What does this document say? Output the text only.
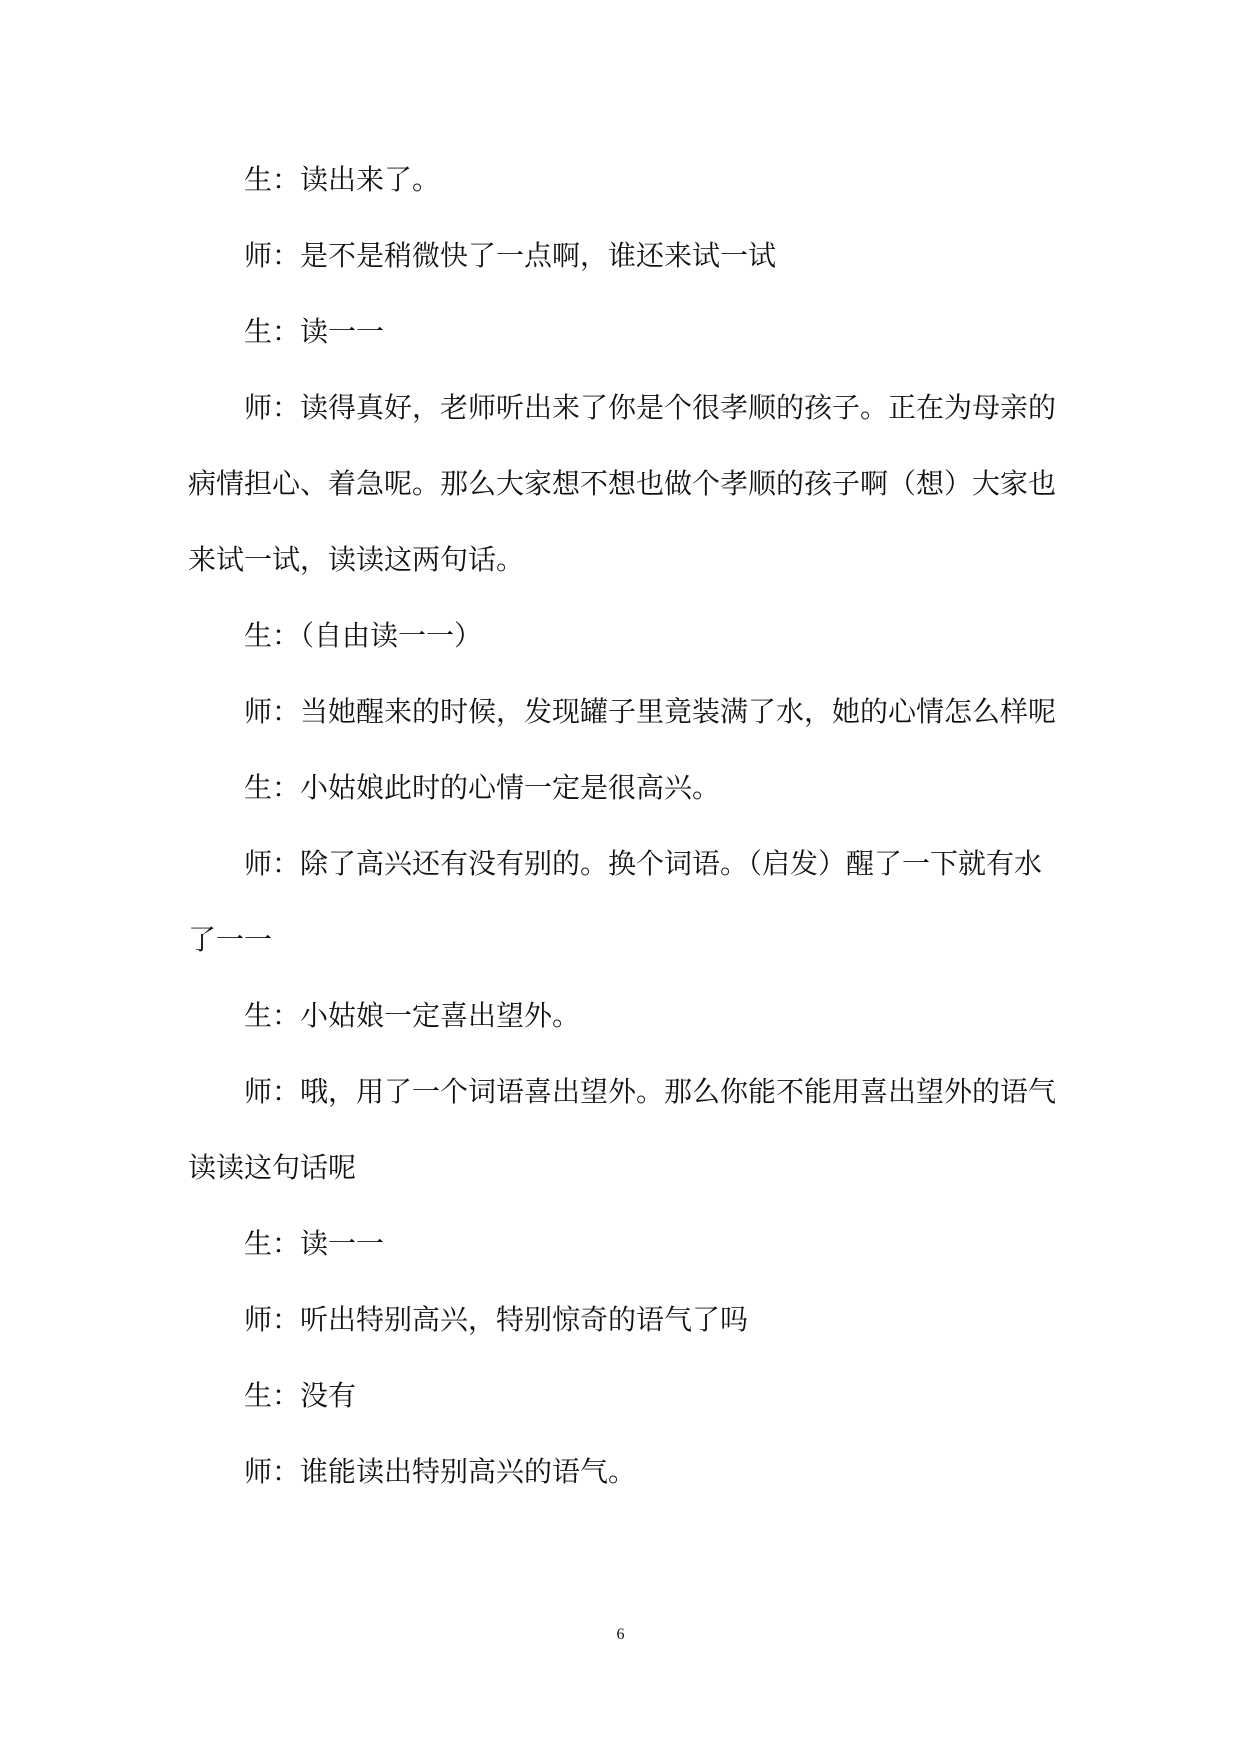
生：读出来了。

师：是不是稍微快了一点啊，谁还来试一试

生：读一一

师：读得真好，老师听出来了你是个很孝顺的孩子。正在为母亲的病情担心、着急呢。那么大家想不想也做个孝顺的孩子啊（想）大家也来试一试，读读这两句话。

生：（自由读一一）

师：当她醒来的时候，发现罐子里竟装满了水，她的心情怎么样呢

生：小姑娘此时的心情一定是很高兴。

师：除了高兴还有没有别的。换个词语。（启发）醒了一下就有水了一一

生：小姑娘一定喜出望外。

师：哦，用了一个词语喜出望外。那么你能不能用喜出望外的语气读读这句话呢

生：读一一

师：听出特别高兴，特别惊奇的语气了吗

生：没有

师：谁能读出特别高兴的语气。

6
